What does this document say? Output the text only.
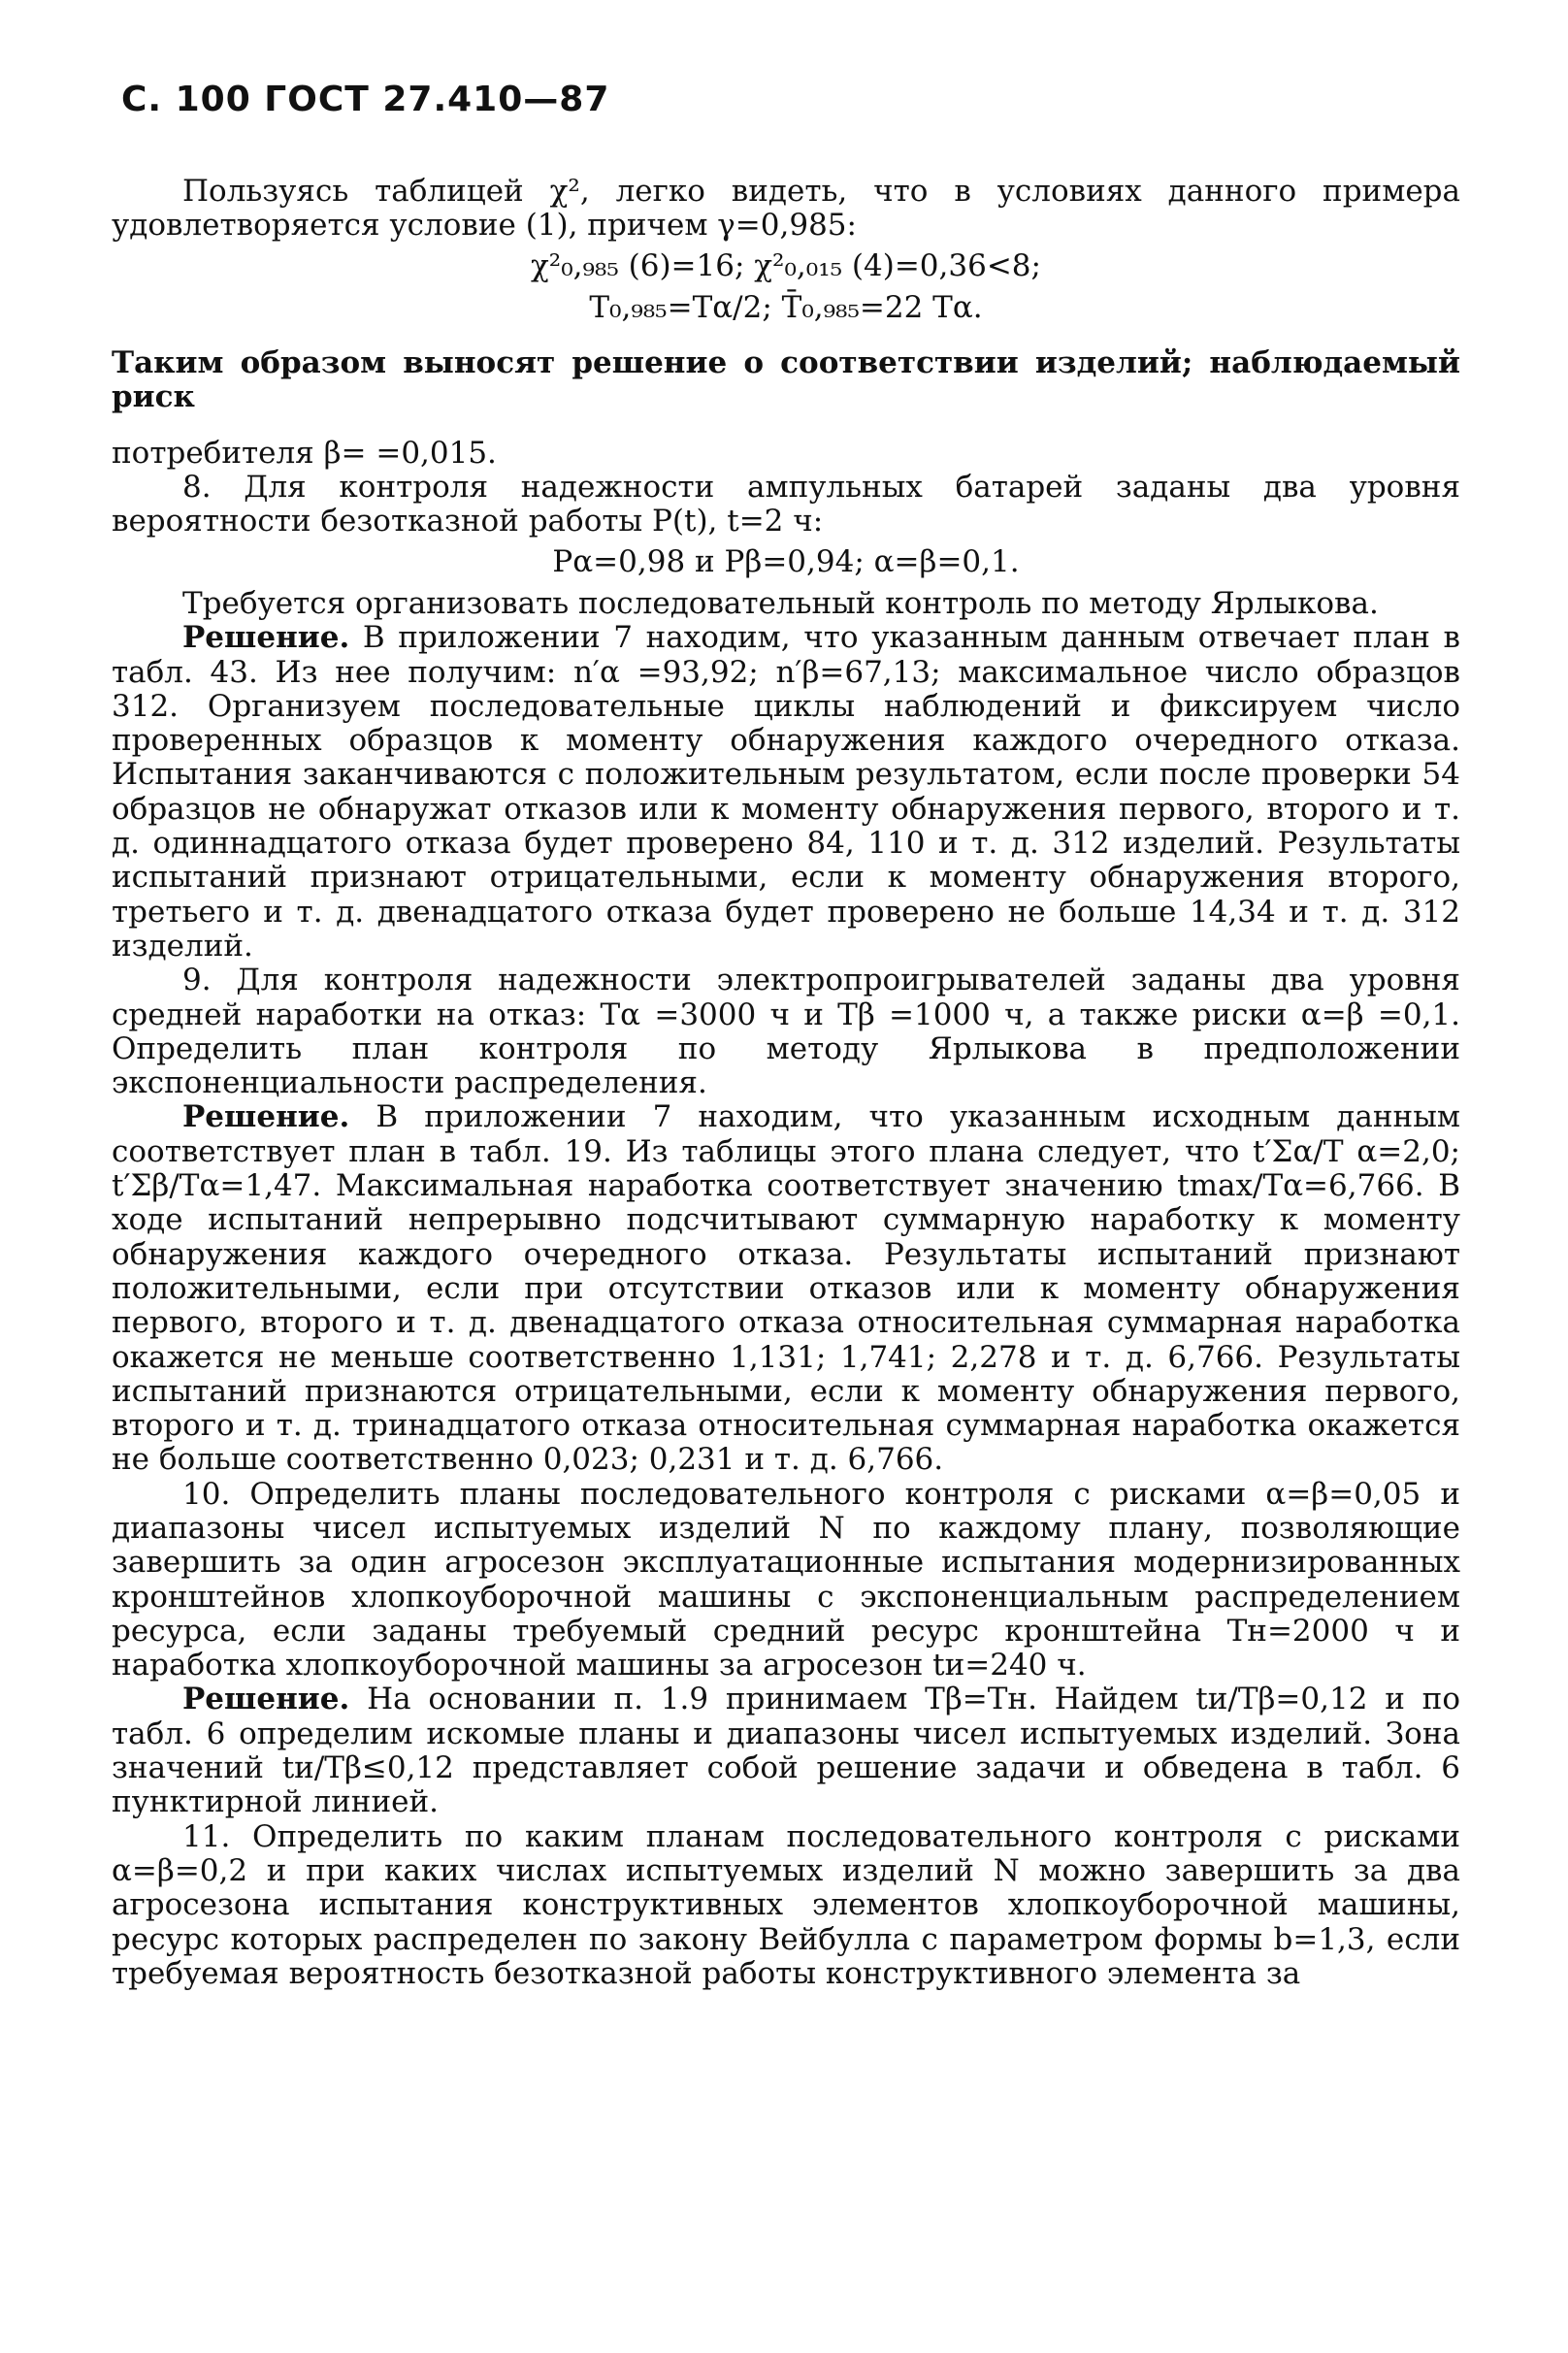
С. 100 ГОСТ 27.410—87

Пользуясь таблицей χ², легко видеть, что в условиях данного примера удовлетворяется условие (1), причем γ=0,985:

χ²₀,₉₈₅ (6)=16; χ²₀,₀₁₅ (4)=0,36<8;

T₀,₉₈₅=Tα/2; T̄₀,₉₈₅=22 Tα.

Таким образом выносят решение о соответствии изделий; наблюдаемый риск

потребителя β= =0,015.

8. Для контроля надежности ампульных батарей заданы два уровня вероятности безотказной работы P(t), t=2 ч:

Pα=0,98 и Pβ=0,94; α=β=0,1.

Требуется организовать последовательный контроль по методу Ярлыкова.

Решение. В приложении 7 находим, что указанным данным отвечает план в табл. 43. Из нее получим: n′α =93,92; n′β=67,13; максимальное число образцов 312. Организуем последовательные циклы наблюдений и фиксируем число проверенных образцов к моменту обнаружения каждого очередного отказа. Испытания заканчиваются с положительным результатом, если после проверки 54 образцов не обнаружат отказов или к моменту обнаружения первого, второго и т. д. одиннадцатого отказа будет проверено 84, 110 и т. д. 312 изделий. Результаты испытаний признают отрицательными, если к моменту обнаружения второго, третьего и т. д. двенадцатого отказа будет проверено не больше 14,34 и т. д. 312 изделий.

9. Для контроля надежности электропроигрывателей заданы два уровня средней наработки на отказ: Tα =3000 ч и Tβ =1000 ч, а также риски α=β =0,1. Определить план контроля по методу Ярлыкова в предположении экспоненциальности распределения.

Решение. В приложении 7 находим, что указанным исходным данным соответствует план в табл. 19. Из таблицы этого плана следует, что t′Σα/T α=2,0; t′Σβ/Tα=1,47. Максимальная наработка соответствует значению tmax/Tα=6,766. В ходе испытаний непрерывно подсчитывают суммарную наработку к моменту обнаружения каждого очередного отказа. Результаты испытаний признают положительными, если при отсутствии отказов или к моменту обнаружения первого, второго и т. д. двенадцатого отказа относительная суммарная наработка окажется не меньше соответственно 1,131; 1,741; 2,278 и т. д. 6,766. Результаты испытаний признаются отрицательными, если к моменту обнаружения первого, второго и т. д. тринадцатого отказа относительная суммарная наработка окажется не больше соответственно 0,023; 0,231 и т. д. 6,766.

10. Определить планы последовательного контроля с рисками α=β=0,05 и диапазоны чисел испытуемых изделий N по каждому плану, позволяющие завершить за один агросезон эксплуатационные испытания модернизированных кронштейнов хлопкоуборочной машины с экспоненциальным распределением ресурса, если заданы требуемый средний ресурс кронштейна Tн=2000 ч и наработка хлопкоуборочной машины за агросезон tи=240 ч.

Решение. На основании п. 1.9 принимаем Tβ=Tн. Найдем tи/Tβ=0,12 и по табл. 6 определим искомые планы и диапазоны чисел испытуемых изделий. Зона значений tи/Tβ≤0,12 представляет собой решение задачи и обведена в табл. 6 пунктирной линией.

11. Определить по каким планам последовательного контроля с рисками α=β=0,2 и при каких числах испытуемых изделий N можно завершить за два агросезона испытания конструктивных элементов хлопкоуборочной машины, ресурс которых распределен по закону Вейбулла с параметром формы b=1,3, если требуемая вероятность безотказной работы конструктивного элемента за
